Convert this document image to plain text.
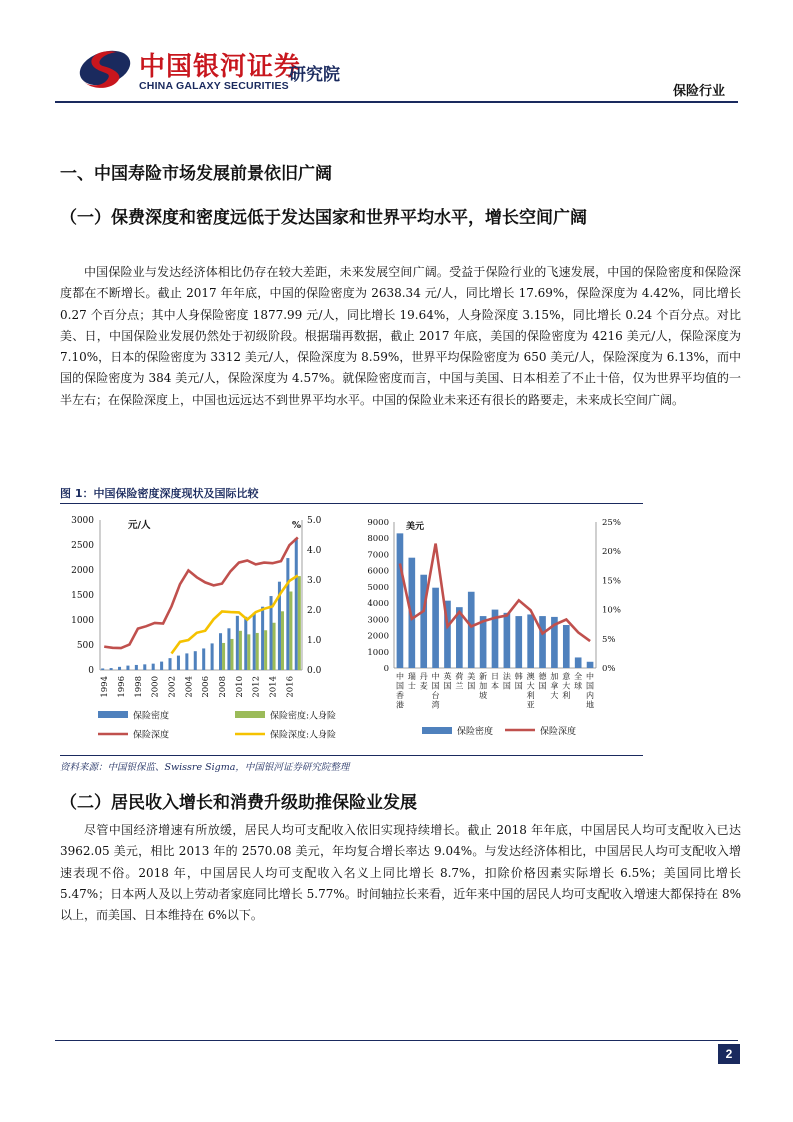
中国银河证券
CHINA GALAXY SECURITIES
研究院
保险行业
一、中国寿险市场发展前景依旧广阔
（一）保费深度和密度远低于发达国家和世界平均水平，增长空间广阔
中国保险业与发达经济体相比仍存在较大差距，未来发展空间广阔。受益于保险行业的飞速发展，中国的保险密度和保险深度都在不断增长。截止 2017 年年底，中国的保险密度为 2638.34 元/人，同比增长 17.69%，保险深度为 4.42%，同比增长 0.27 个百分点；其中人身保险密度 1877.99 元/人，同比增长 19.64%，人身险深度 3.15%，同比增长 0.24 个百分点。对比美、日，中国保险业发展仍然处于初级阶段。根据瑞再数据，截止 2017 年底，美国的保险密度为 4216 美元/人，保险深度为 7.10%，日本的保险密度为 3312 美元/人，保险深度为 8.59%，世界平均保险密度为 650 美元/人，保险深度为 6.13%，而中国的保险密度为 384 美元/人，保险深度为 4.57%。就保险密度而言，中国与美国、日本相差了不止十倍，仅为世界平均值的一半左右；在保险深度上，中国也远远达不到世界平均水平。中国的保险业未来还有很长的路要走，未来成长空间广阔。
图 1：中国保险密度深度现状及国际比较
0
500
1000
1500
2000
2500
3000
0.0
1.0
2.0
3.0
4.0
5.0
元/人	%
1994 1996 1998 2000 2002 2004 2006 2008 2010 2012 2014 2016
保险密度	保险密度:人身险
保险深度	保险深度:人身险
0
1000
2000
3000
4000
5000
6000
7000
8000
9000
0%
5%
10%
15%
20%
25%
美元
中国香港
瑞士
丹麦
中国台湾
英国
荷兰
美国
新加坡
日本
法国
韩国
澳大利亚
德国
加拿大
意大利
全球
中国内地
保险密度	保险深度
资料来源：中国银保监、Swissre Sigma，中国银河证券研究院整理
（二）居民收入增长和消费升级助推保险业发展
尽管中国经济增速有所放缓，居民人均可支配收入依旧实现持续增长。截止 2018 年年底，中国居民人均可支配收入已达 3962.05 美元，相比 2013 年的 2570.08 美元，年均复合增长率达 9.04%。与发达经济体相比，中国居民人均可支配收入增速表现不俗。2018 年，中国居民人均可支配收入名义上同比增长 8.7%，扣除价格因素实际增长 6.5%；美国同比增长 5.47%；日本两人及以上劳动者家庭同比增长 5.77%。时间轴拉长来看，近年来中国的居民人均可支配收入增速大都保持在 8%以上，而美国、日本维持在 6%以下。
2
